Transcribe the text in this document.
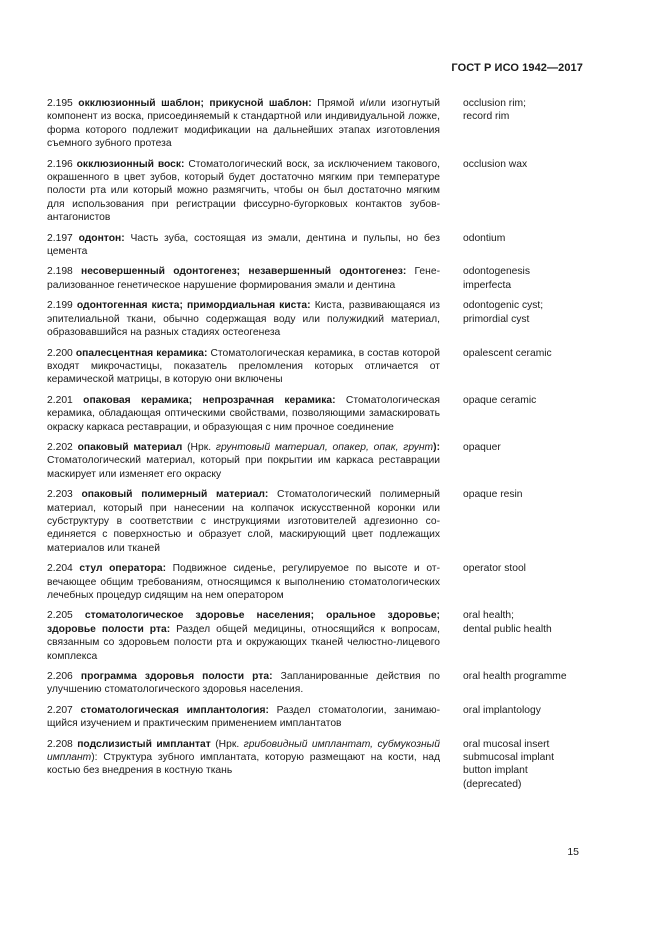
ГОСТ Р ИСО 1942—2017
2.195 окклюзионный шаблон; прикусной шаблон: Прямой и/или изогнутый компонент из воска, присоединяемый к стандартной или индивидуальной ложке, форма которого подлежит модификации на дальнейших этапах изготовления съемного зубного протеза
occlusion rim;
record rim
2.196 окклюзионный воск: Стоматологический воск, за исключением такового, окрашенного в цвет зубов, который будет достаточно мягким при температуре полости рта или который можно размягчить, чтобы он был достаточно мягким для использования при регистрации фиссурно-бугорковых контактов зубов-антагонистов
occlusion wax
2.197 одонтон: Часть зуба, состоящая из эмали, дентина и пульпы, но без цемента
odontium
2.198 несовершенный одонтогенез; незавершенный одонтогенез: Генерализованное генетическое нарушение формирования эмали и дентина
odontogenesis
imperfecta
2.199 одонтогенная киста; примордиальная киста: Киста, развивающаяся из эпителиальной ткани, обычно содержащая воду или полужидкий материал, образовавшийся на разных стадиях остеогенеза
odontogenic cyst;
primordial cyst
2.200 опалесцентная керамика: Стоматологическая керамика, в состав которой входят микрочастицы, показатель преломления которых отличается от керамической матрицы, в которую они включены
opalescent ceramic
2.201 опаковая керамика; непрозрачная керамика: Стоматологическая керамика, обладающая оптическими свойствами, позволяющими замаскировать окраску каркаса реставрации, и образующая с ним прочное соединение
opaque ceramic
2.202 опаковый материал (Нрк. грунтовый материал, опакер, опак, грунт): Стоматологический материал, который при покрытии им каркаса реставрации маскирует или изменяет его окраску
opaquer
2.203 опаковый полимерный материал: Стоматологический полимерный материал, который при нанесении на колпачок искусственной коронки или субструктуру в соответствии с инструкциями изготовителей адгезионно соединяется с поверхностью и образует слой, маскирующий цвет подлежащих материалов или тканей
opaque resin
2.204 стул оператора: Подвижное сиденье, регулируемое по высоте и отвечающее общим требованиям, относящимся к выполнению стоматологических лечебных процедур сидящим на нем оператором
operator stool
2.205 стоматологическое здоровье населения; оральное здоровье; здоровье полости рта: Раздел общей медицины, относящийся к вопросам, связанным со здоровьем полости рта и окружающих тканей челюстно-лицевого комплекса
oral health;
dental public health
2.206 программа здоровья полости рта: Запланированные действия по улучшению стоматологического здоровья населения.
oral health programme
2.207 стоматологическая имплантология: Раздел стоматологии, занимающийся изучением и практическим применением имплантатов
oral implantology
2.208 подслизистый имплантат (Нрк. грибовидный имплантат, субмукозный имплант): Структура зубного имплантата, которую размещают на кости, над костью без внедрения в костную ткань
oral mucosal insert
submucosal implant
button implant
(deprecated)
15
